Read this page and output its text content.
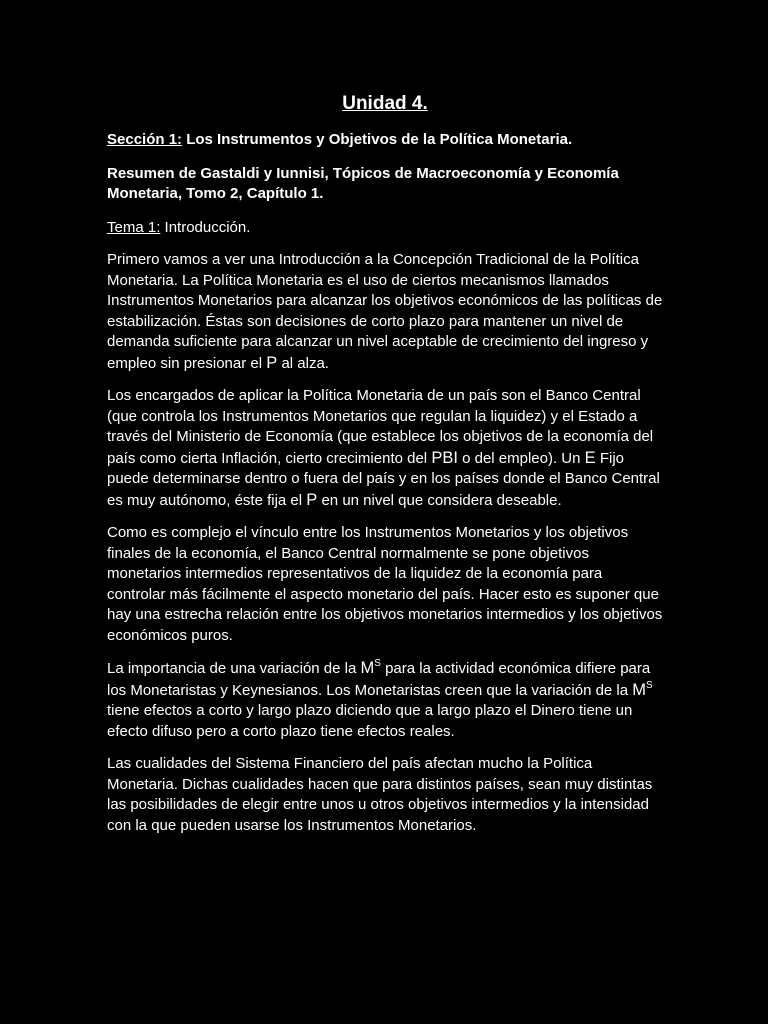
Unidad 4.

Sección 1: Los Instrumentos y Objetivos de la Política Monetaria.

Resumen de Gastaldi y Iunnisi, Tópicos de Macroeconomía y Economía Monetaria, Tomo 2, Capítulo 1.

Tema 1: Introducción.

Primero vamos a ver una Introducción a la Concepción Tradicional de la Política Monetaria. La Política Monetaria es el uso de ciertos mecanismos llamados Instrumentos Monetarios para alcanzar los objetivos económicos de las políticas de estabilización. Éstas son decisiones de corto plazo para mantener un nivel de demanda suficiente para alcanzar un nivel aceptable de crecimiento del ingreso y empleo sin presionar el P al alza.

Los encargados de aplicar la Política Monetaria de un país son el Banco Central (que controla los Instrumentos Monetarios que regulan la liquidez) y el Estado a través del Ministerio de Economía (que establece los objetivos de la economía del país como cierta Inflación, cierto crecimiento del PBI o del empleo). Un E Fijo puede determinarse dentro o fuera del país y en los países donde el Banco Central es muy autónomo, éste fija el P en un nivel que considera deseable.

Como es complejo el vínculo entre los Instrumentos Monetarios y los objetivos finales de la economía, el Banco Central normalmente se pone objetivos monetarios intermedios representativos de la liquidez de la economía para controlar más fácilmente el aspecto monetario del país. Hacer esto es suponer que hay una estrecha relación entre los objetivos monetarios intermedios y los objetivos económicos puros.

La importancia de una variación de la $M^S$ para la actividad económica difiere para los Monetaristas y Keynesianos. Los Monetaristas creen que la variación de la $M^S$ tiene efectos a corto y largo plazo diciendo que a largo plazo el Dinero tiene un efecto difuso pero a corto plazo tiene efectos reales.

Las cualidades del Sistema Financiero del país afectan mucho la Política Monetaria. Dichas cualidades hacen que para distintos países, sean muy distintas las posibilidades de elegir entre unos u otros objetivos intermedios y la intensidad con la que pueden usarse los Instrumentos Monetarios.
